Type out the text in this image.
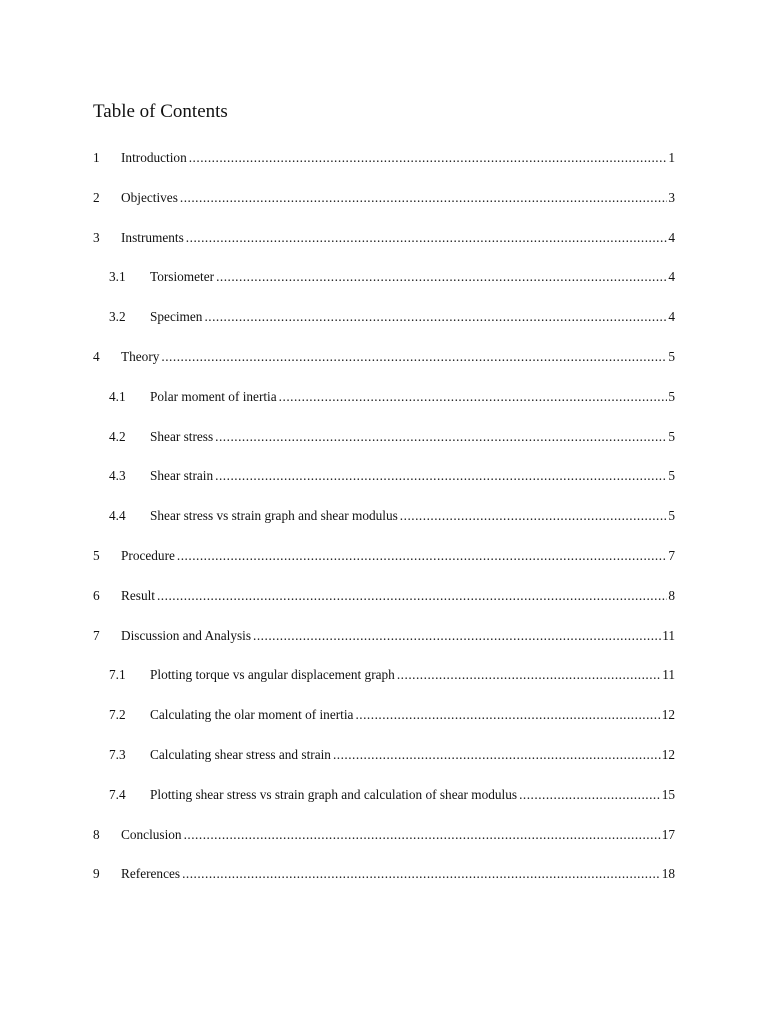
Table of Contents
1 Introduction .....	1
2 Objectives .....	3
3 Instruments .....	4
3.1 Torsiometer .....	4
3.2 Specimen .....	4
4 Theory .....	5
4.1 Polar moment of inertia .....	5
4.2 Shear stress .....	5
4.3 Shear strain .....	5
4.4 Shear stress vs strain graph and shear modulus .....	5
5 Procedure .....	7
6 Result .....	8
7 Discussion and Analysis .....	11
7.1 Plotting torque vs angular displacement graph .....	11
7.2 Calculating the olar moment of inertia .....	12
7.3 Calculating shear stress and strain .....	12
7.4 Plotting shear stress vs strain graph and calculation of shear modulus .....	15
8 Conclusion .....	17
9 References .....	18
